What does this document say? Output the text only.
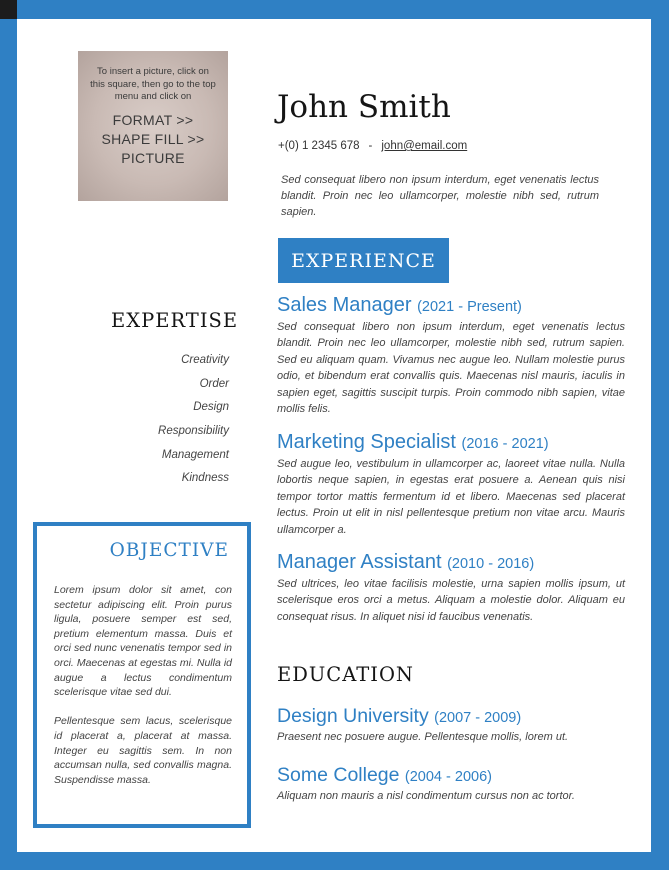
To insert a picture, click on this square, then go to the top menu and click on
FORMAT >>
SHAPE FILL >>
PICTURE
John Smith
+(0) 1 2345 678 - john@email.com
Sed consequat libero non ipsum interdum, eget venenatis lectus blandit. Proin nec leo ullamcorper, molestie nibh sed, rutrum sapien.
EXPERIENCE
Sales Manager (2021 - Present)
Sed consequat libero non ipsum interdum, eget venenatis lectus blandit. Proin nec leo ullamcorper, molestie nibh sed, rutrum sapien. Sed eu aliquam quam. Vivamus nec augue leo. Nullam molestie purus odio, et bibendum erat convallis quis. Maecenas nisl mauris, iaculis in sapien eget, sagittis suscipit turpis. Proin commodo nibh sapien, vitae mollis felis.
Marketing Specialist (2016 - 2021)
Sed augue leo, vestibulum in ullamcorper ac, laoreet vitae nulla. Nulla lobortis neque sapien, in egestas erat posuere a. Aenean quis nisi tempor tortor mattis fermentum id et libero. Maecenas sed placerat lectus. Proin ut elit in nisl pellentesque pretium non vitae arcu. Mauris ullamcorper a.
Manager Assistant (2010 - 2016)
Sed ultrices, leo vitae facilisis molestie, urna sapien mollis ipsum, ut scelerisque eros orci a metus. Aliquam a molestie dolor. Aliquam eu consequat risus. In aliquet nisi id faucibus venenatis.
EXPERTISE
Creativity
Order
Design
Responsibility
Management
Kindness
OBJECTIVE

Lorem ipsum dolor sit amet, con sectetur adipiscing elit. Proin purus ligula, posuere semper est sed, pretium elementum massa. Duis et orci sed nunc venenatis tempor sed in orci. Maecenas at egestas mi. Nulla id augue a lectus condimentum scelerisque vitae sed dui.

Pellentesque sem lacus, scelerisque id placerat a, placerat at massa. Integer eu sagittis sem. In non accumsan nulla, sed convallis magna. Suspendisse massa.

EDUCATION
Design University (2007 - 2009)
Praesent nec posuere augue. Pellentesque mollis, lorem ut.
Some College (2004 - 2006)
Aliquam non mauris a nisl condimentum cursus non ac tortor.
